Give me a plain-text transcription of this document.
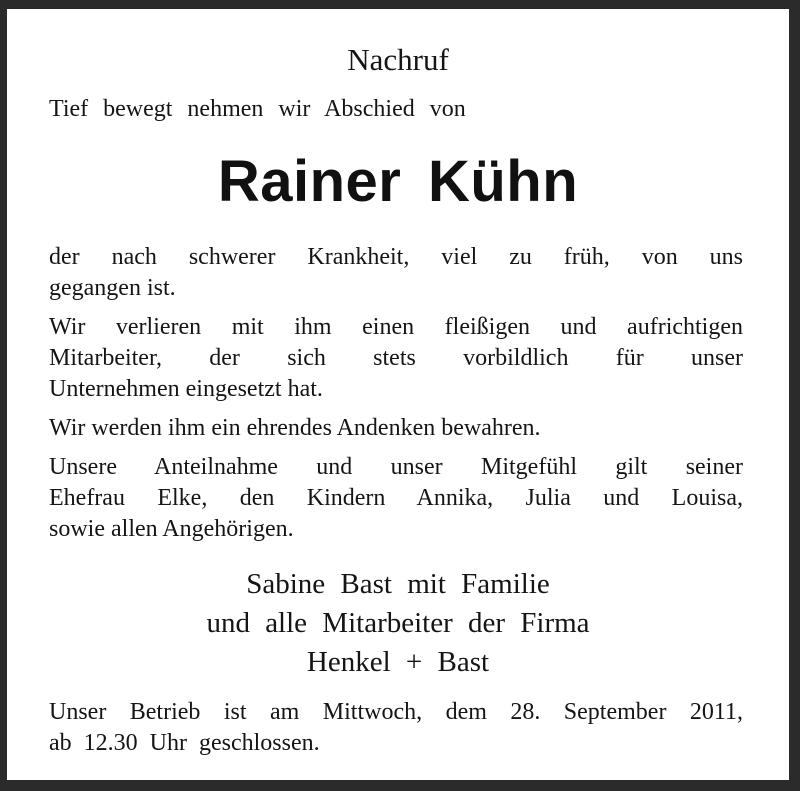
Nachruf
Tief bewegt nehmen wir Abschied von
Rainer Kühn
der nach schwerer Krankheit, viel zu früh, von uns
gegangen ist.
Wir verlieren mit ihm einen fleißigen und aufrichtigen
Mitarbeiter, der sich stets vorbildlich für unser
Unternehmen eingesetzt hat.
Wir werden ihm ein ehrendes Andenken bewahren.
Unsere Anteilnahme und unser Mitgefühl gilt seiner
Ehefrau Elke, den Kindern Annika, Julia und Louisa,
sowie allen Angehörigen.
Sabine Bast mit Familie
und alle Mitarbeiter der Firma
Henkel + Bast
Unser Betrieb ist am Mittwoch, dem 28. September 2011,
ab 12.30 Uhr geschlossen.
